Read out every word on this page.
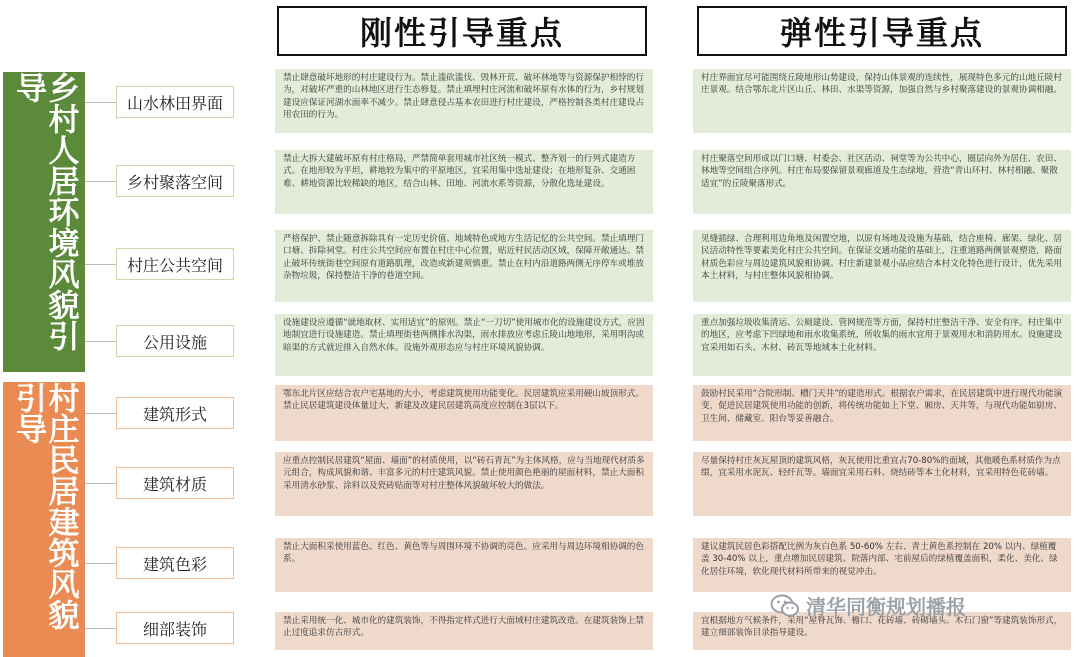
刚性引导重点	弹性引导重点
乡村人居环境风貌引导
村庄民居建筑风貌引导
山水林田界面
禁止肆意破坏地形的村庄建设行为。禁止滥砍滥伐、毁林开荒、破坏林地等与资源保护相悖的行为，对破坏严重的山林地区进行生态修复。禁止填埋村庄河流和破坏原有水体的行为，乡村规划建设应保证河湖水面率不减少。禁止肆意侵占基本农田进行村庄建设，严格控制各类村庄建设占用农田的行为。
村庄界面宜尽可能围绕丘陵地形山势建设，保持山体景观的连续性，展现特色多元的山地丘陵村庄景观。结合鄂东北片区山丘、林田、水渠等资源，加强自然与乡村聚落建设的景观协调相融。
乡村聚落空间
禁止大拆大建破坏原有村庄格局，严禁简单套用城市社区统一模式、整齐划一的行列式建造方式。在地形较为平坦，耕地较为集中的平原地区，宜采用集中选址建设；在地形复杂、交通困难、耕地资源比较稀缺的地区，结合山林、田地、河流水系等资源，分散化选址建设。
村庄聚落空间形成以门口塘、村委会、社区活动、祠堂等为公共中心，圈层向外为居住、农田、林地等空间组合序列。村庄布局要保留景观廊道及生态绿地，营造“青山环村、林村相融、聚散适宜”的丘陵聚落形式。
村庄公共空间
严格保护、禁止随意拆除具有一定历史价值、地域特色或地方生活记忆的公共空间。禁止填埋门口塘、拆除祠堂。村庄公共空间应布置在村庄中心位置，贴近村民活动区域，保障开敞通达。禁止破坏传统街巷空间原有道路肌理，改造或新建须慎重。禁止在村内沿道路两侧无序停车或堆放杂物垃圾，保持整洁干净的巷道空间。
见缝插绿、合理利用边角地及闲置空地，以原有场地及设施为基础，结合座椅、廊架、绿化、居民活动特性等要素美化村庄公共空间。在保证交通功能的基础上，注重道路两侧景观塑造，路面材质色彩应与周边建筑风貌相协调。村庄新建景观小品应结合本村文化特色进行设计，优先采用本土材料，与村庄整体风貌相协调。
公用设施
设施建设应遵循“就地取材、实用适宜”的原则。禁止“一刀切”使用城市化的设施建设方式，应因地制宜进行设施建造。禁止填埋街巷两侧排水沟渠，雨水排放应考虑丘陵山地地形，采用明沟或暗渠的方式就近排入自然水体。设施外观形态应与村庄环境风貌协调。
重点加强垃圾收集清运、公厕建设、管网规范等方面，保持村庄整洁干净、安全有序。村庄集中的地区，应考虑下凹绿地和雨水收集系统，所收集的雨水宜用于景观用水和消防用水。设施建设宜采用如石头、木材、砖瓦等地域本土化材料。
建筑形式
鄂东北片区应结合农户宅基地的大小，考虑建筑使用功能变化。民居建筑应采用硬山坡顶形式。禁止民居建筑建设体量过大，新建及改建民居建筑高度应控制在3层以下。
鼓励村民采用“合院形制、槽门天井”的建造形式。根据农户需求，在民居建筑中进行现代功能演变，促进民居建筑使用功能的创新，将传统功能如上下堂、厢房、天井等，与现代功能如厨房、卫生间、储藏室、阳台等妥善融合。
建筑材质
应重点控制民居建筑“屋面、墙面”的材质使用，以“砖石青瓦”为主体风格，应与当地现代材质多元组合，构成风貌和谐、丰富多元的村庄建筑风貌。禁止使用颜色艳丽的屋面材料，禁止大面积采用清水砂浆、涂料以及瓷砖贴面等对村庄整体风貌破坏较大的做法。
尽量保持村庄灰瓦屋顶的建筑风格，灰瓦使用比重宜占70-80%的面域，其他暖色系材质作为点缀，宜采用水泥瓦、轻纤瓦等。墙面宜采用石料、烧结砖等本土化材料，宜采用特色花砖墙。
建筑色彩
禁止大面积采使用蓝色、红色、黄色等与周围环境不协调的亮色。应采用与周边环境相协调的色系。
建议建筑民居色彩搭配比例为灰白色系 50-60% 左右、青土黄色系控制在 20% 以内、绿植覆盖 30-40% 以上，重点增加民居建筑、院落内部、宅前屋后的绿植覆盖面积，柔化、美化、绿化居住环境，软化现代材料所带来的视觉冲击。
细部装饰	禁止采用统一化、城市化的建筑装饰，不得指定样式进行大面域村庄建筑改造。在建筑装饰上禁止过度追求仿古形式。
宜根据地方气候条件，采用“屋脊瓦饰、檐口、花砖墙、砖砌墙头、木石门窗”等建筑装饰形式，建立细部装饰目录指导建设。
清华同衡规划播报
